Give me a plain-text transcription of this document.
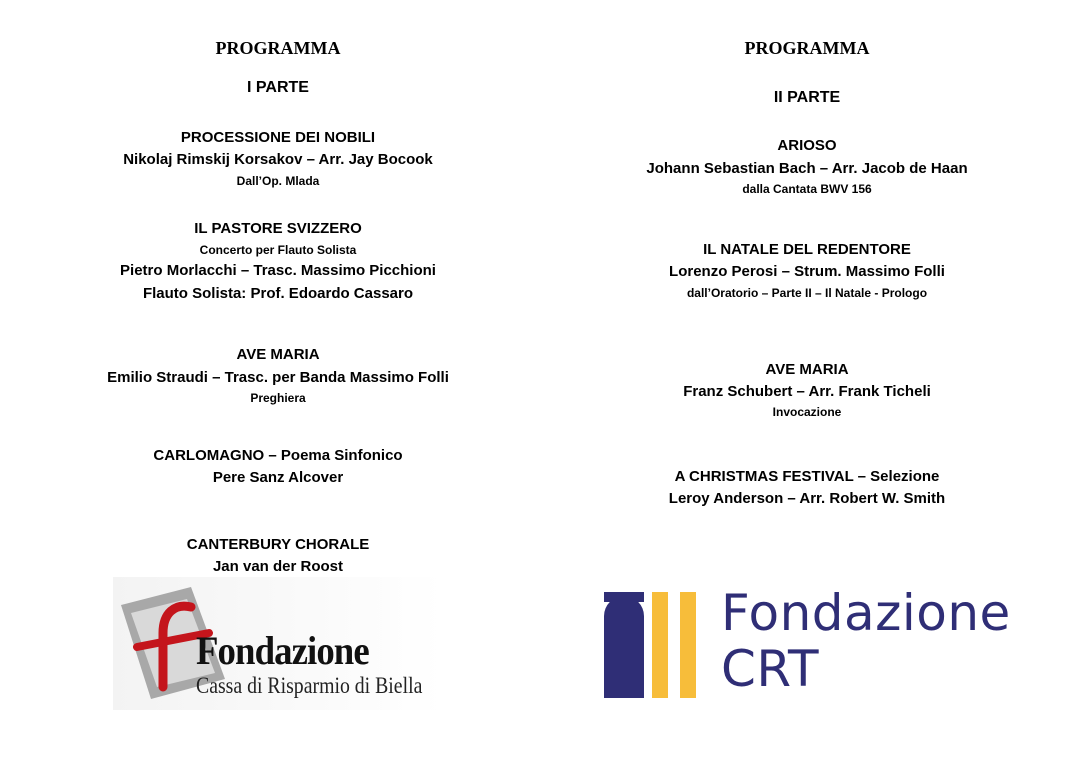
PROGRAMMA

I PARTE

PROCESSIONE DEI NOBILI

Nikolaj Rimskij Korsakov – Arr. Jay Bocook

Dall’Op. Mlada

IL PASTORE SVIZZERO

Concerto per Flauto Solista

Pietro Morlacchi – Trasc. Massimo Picchioni

Flauto Solista: Prof. Edoardo Cassaro

AVE MARIA

Emilio Straudi – Trasc. per Banda Massimo Folli

Preghiera

CARLOMAGNO – Poema Sinfonico

Pere Sanz Alcover

CANTERBURY CHORALE

Jan van der Roost

PROGRAMMA

II PARTE

ARIOSO

Johann Sebastian Bach – Arr. Jacob de Haan

dalla Cantata BWV 156

IL NATALE DEL REDENTORE

Lorenzo Perosi – Strum. Massimo Folli

dall’Oratorio – Parte II – Il Natale - Prologo

AVE MARIA

Franz Schubert – Arr. Frank Ticheli

Invocazione

A CHRISTMAS FESTIVAL – Selezione

Leroy Anderson – Arr. Robert W. Smith

Fondazione

Cassa di Risparmio di Biella

Fondazione

CRT
